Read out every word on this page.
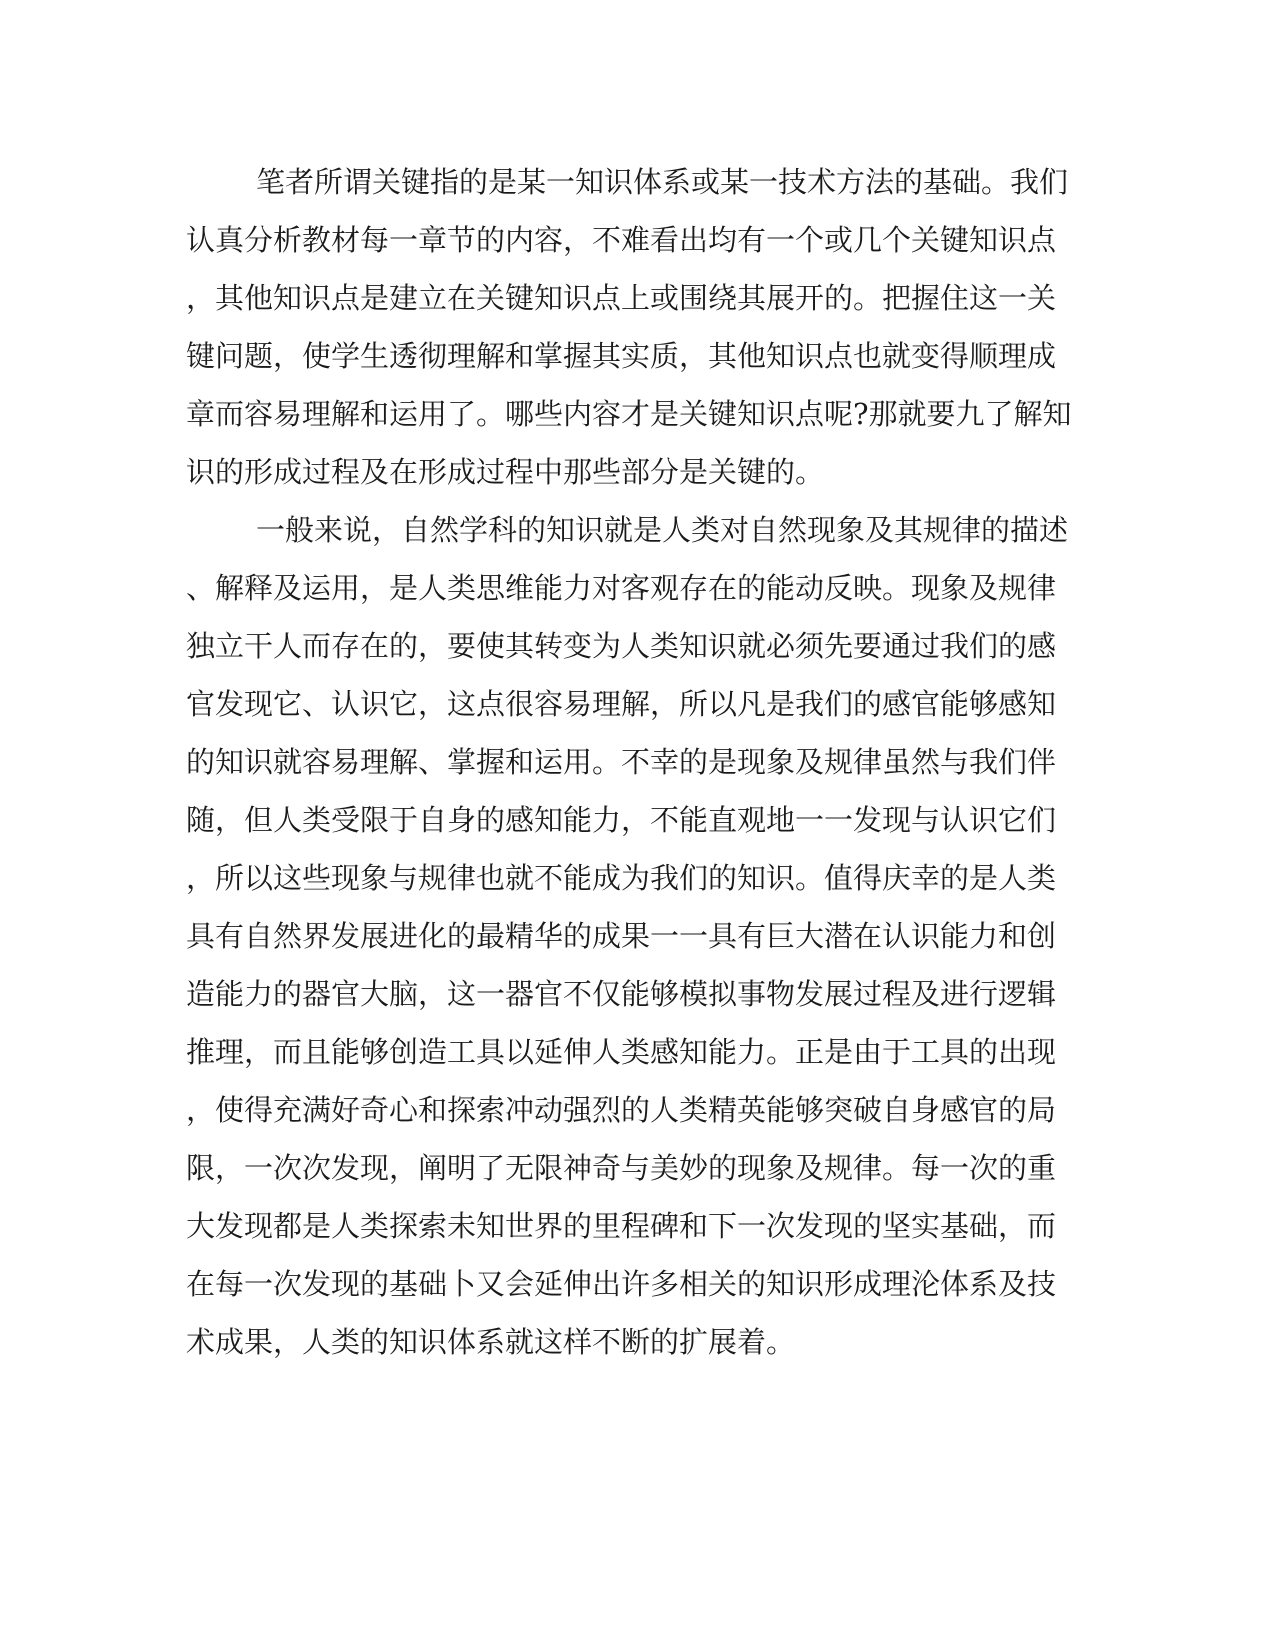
笔者所谓关键指的是某一知识体系或某一技术方法的基础。我们
认真分析教材每一章节的内容，不难看出均有一个或几个关键知识点
，其他知识点是建立在关键知识点上或围绕其展开的。把握住这一关
键问题，使学生透彻理解和掌握其实质，其他知识点也就变得顺理成
章而容易理解和运用了。哪些内容才是关键知识点呢?那就要九了解知
识的形成过程及在形成过程中那些部分是关键的。
一般来说，自然学科的知识就是人类对自然现象及其规律的描述
、解释及运用，是人类思维能力对客观存在的能动反映。现象及规律
独立干人而存在的，要使其转变为人类知识就必须先要通过我们的感
官发现它、认识它，这点很容易理解，所以凡是我们的感官能够感知
的知识就容易理解、掌握和运用。不幸的是现象及规律虽然与我们伴
随，但人类受限于自身的感知能力，不能直观地一一发现与认识它们
，所以这些现象与规律也就不能成为我们的知识。值得庆幸的是人类
具有自然界发展进化的最精华的成果一一具有巨大潜在认识能力和创
造能力的器官大脑，这一器官不仅能够模拟事物发展过程及进行逻辑
推理，而且能够创造工具以延伸人类感知能力。正是由于工具的出现
，使得充满好奇心和探索冲动强烈的人类精英能够突破自身感官的局
限，一次次发现，阐明了无限神奇与美妙的现象及规律。每一次的重
大发现都是人类探索未知世界的里程碑和下一次发现的坚实基础，而
在每一次发现的基础卜又会延伸出许多相关的知识形成理沦体系及技
术成果，人类的知识体系就这样不断的扩展着。
